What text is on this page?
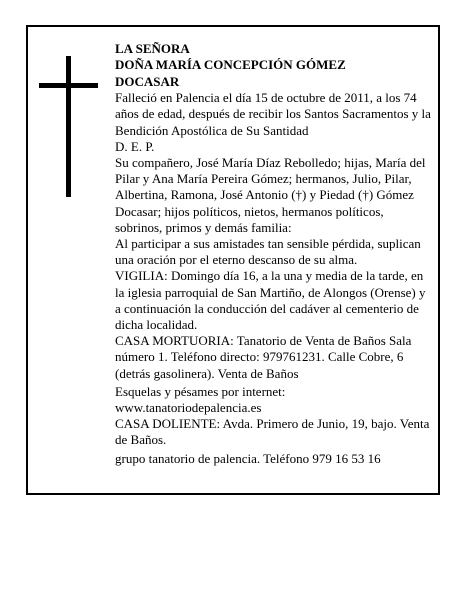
LA SEÑORA
DOÑA MARÍA CONCEPCIÓN GÓMEZ
DOCASAR
Falleció en Palencia el día 15 de octubre de 2011, a los 74 años de edad, después de recibir los Santos Sacramentos y la Bendición Apostólica de Su Santidad
D. E. P.
Su compañero, José María Díaz Rebolledo; hijas, María del Pilar y Ana María Pereira Gómez; hermanos, Julio, Pilar, Albertina, Ramona, José Antonio (†) y Piedad (†) Gómez Docasar; hijos políticos, nietos, hermanos políticos, sobrinos, primos y demás familia:
Al participar a sus amistades tan sensible pérdida, suplican una oración por el eterno descanso de su alma.
VIGILIA: Domingo día 16, a la una y media de la tarde, en la iglesia parroquial de San Martiño, de Alongos (Orense) y a continuación la conducción del cadáver al cementerio de dicha localidad.
CASA MORTUORIA: Tanatorio de Venta de Baños Sala número 1. Teléfono directo: 979761231. Calle Cobre, 6 (detrás gasolinera). Venta de Baños
Esquelas y pésames por internet: www.tanatoriodepalencia.es
CASA DOLIENTE: Avda. Primero de Junio, 19, bajo. Venta de Baños.
grupo tanatorio de palencia. Teléfono 979 16 53 16
